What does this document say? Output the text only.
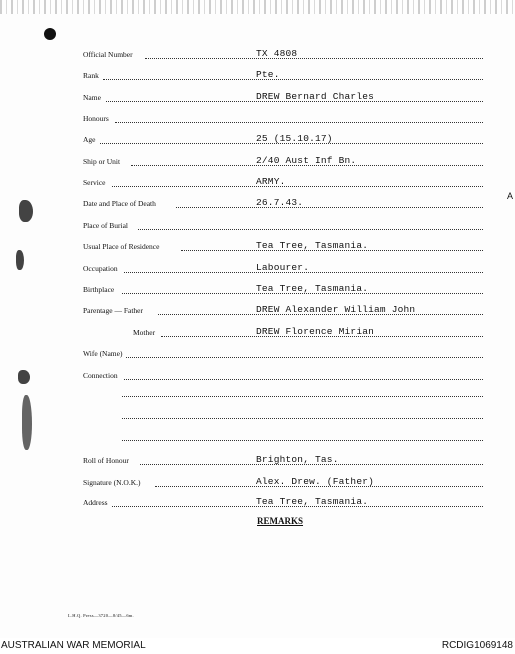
A
Official Number	TX 4808
Rank	Pte.
Name	DREW Bernard Charles
Honours
Age	25 (15.10.17)
Ship or Unit	2/40 Aust Inf Bn.
Service	ARMY.
Date and Place of Death	26.7.43.
Place of Burial
Usual Place of Residence	Tea Tree, Tasmania.
Occupation	Labourer.
Birthplace	Tea Tree, Tasmania.
Parentage — Father	DREW Alexander William John
Mother	DREW Florence Mirian
Wife (Name)
Connection
Roll of Honour	Brighton, Tas.
Signature (N.O.K.)	Alex. Drew. (Father)
Address	Tea Tree, Tasmania.
REMARKS
L.H.Q. Press—3720—8/45—6m.
AUSTRALIAN WAR MEMORIAL	RCDIG1069148
